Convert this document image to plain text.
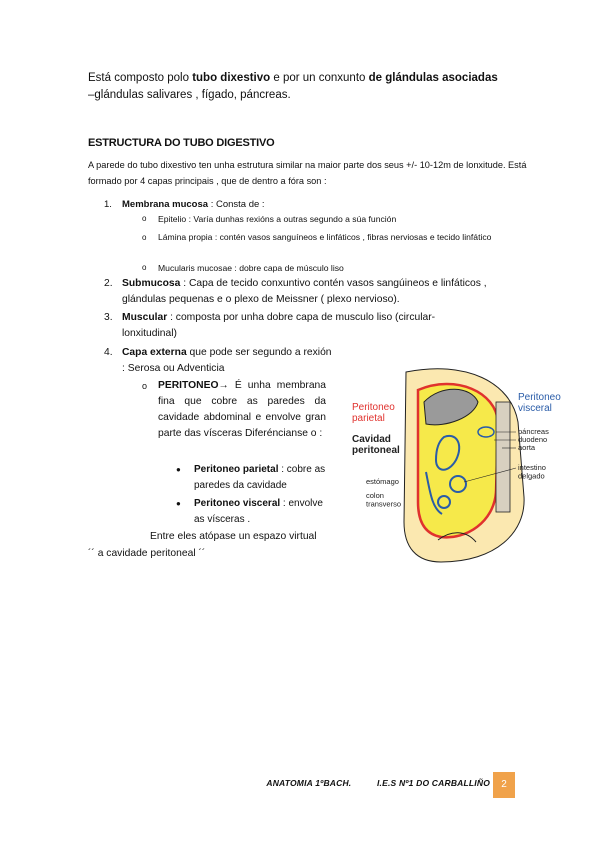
Está composto polo tubo dixestivo e por un conxunto de glándulas asociadas
–glándulas salivares , fígado, páncreas.
ESTRUCTURA DO TUBO DIGESTIVO
A parede do tubo dixestivo ten unha estrutura similar na maior parte dos seus +/- 10-12m de lonxitude. Está formado por 4 capas principais , que de dentro a fóra son :
1. Membrana mucosa : Consta de :
o Epitelio : Varía dunhas rexións a outras segundo a súa función
o Lámina propia : contén vasos sanguíneos e linfáticos , fibras nerviosas e tecido linfático
o Mucularis mucosae : dobre capa de músculo liso
2. Submucosa : Capa de tecido conxuntivo contén vasos sangúineos e linfáticos , glándulas pequenas e o plexo de Meissner ( plexo nervioso).
3. Muscular : composta por unha dobre capa de musculo liso (circular-lonxitudinal)
4. Capa externa que pode ser segundo a rexión : Serosa ou Adventicia
o PERITONEO→ É unha membrana fina que cobre as paredes da cavidade abdominal e envolve gran parte das vísceras Diferéncianse o :
● Peritoneo parietal : cobre as paredes da cavidade
● Peritoneo visceral : envolve as vísceras .
Entre eles atópase un espazo virtual
´´ a cavidade peritoneal ´´
Peritoneo parietal
Cavidad peritoneal
Peritoneo visceral
páncreas
duodeno
aorta
intestino delgado
estómago
colon transverso
ANATOMIA 1ºBACH.          I.E.S Nº1 DO CARBALLIÑO	2
